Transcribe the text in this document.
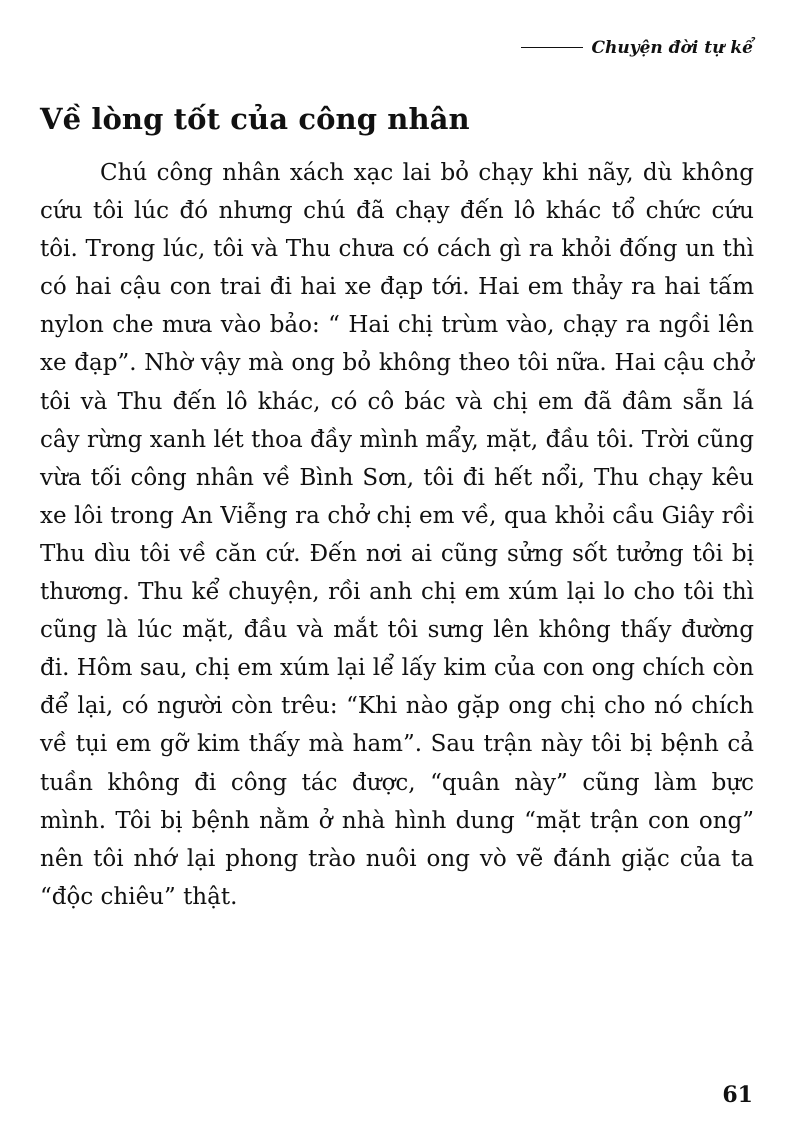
Chuyện đời tự kể
Về lòng tốt của công nhân

Chú công nhân xách xạc lai bỏ chạy khi nãy, dù không cứu tôi lúc đó nhưng chú đã chạy đến lô khác tổ chức cứu tôi. Trong lúc, tôi và Thu chưa có cách gì ra khỏi đống un thì có hai cậu con trai đi hai xe đạp tới. Hai em thảy ra hai tấm nylon che mưa vào bảo: “ Hai chị trùm vào, chạy ra ngồi lên xe đạp”. Nhờ vậy mà ong bỏ không theo tôi nữa. Hai cậu chở tôi và Thu đến lô khác, có cô bác và chị em đã đâm sẵn lá cây rừng xanh lét thoa đầy mình mẩy, mặt, đầu tôi. Trời cũng vừa tối công nhân về Bình Sơn, tôi đi hết nổi, Thu chạy kêu xe lôi trong An Viễng ra chở chị em về, qua khỏi cầu Giây rồi Thu dìu tôi về căn cứ. Đến nơi ai cũng sửng sốt tưởng tôi bị thương. Thu kể chuyện, rồi anh chị em xúm lại lo cho tôi thì cũng là lúc mặt, đầu và mắt tôi sưng lên không thấy đường đi. Hôm sau, chị em xúm lại lể lấy kim của con ong chích còn để lại, có người còn trêu: “Khi nào gặp ong chị cho nó chích về tụi em gỡ kim thấy mà ham”. Sau trận này tôi bị bệnh cả tuần không đi công tác được, “quân này” cũng làm bực mình. Tôi bị bệnh nằm ở nhà hình dung “mặt trận con ong” nên tôi nhớ lại phong trào nuôi ong vò vẽ đánh giặc của ta “độc chiêu” thật.

61
